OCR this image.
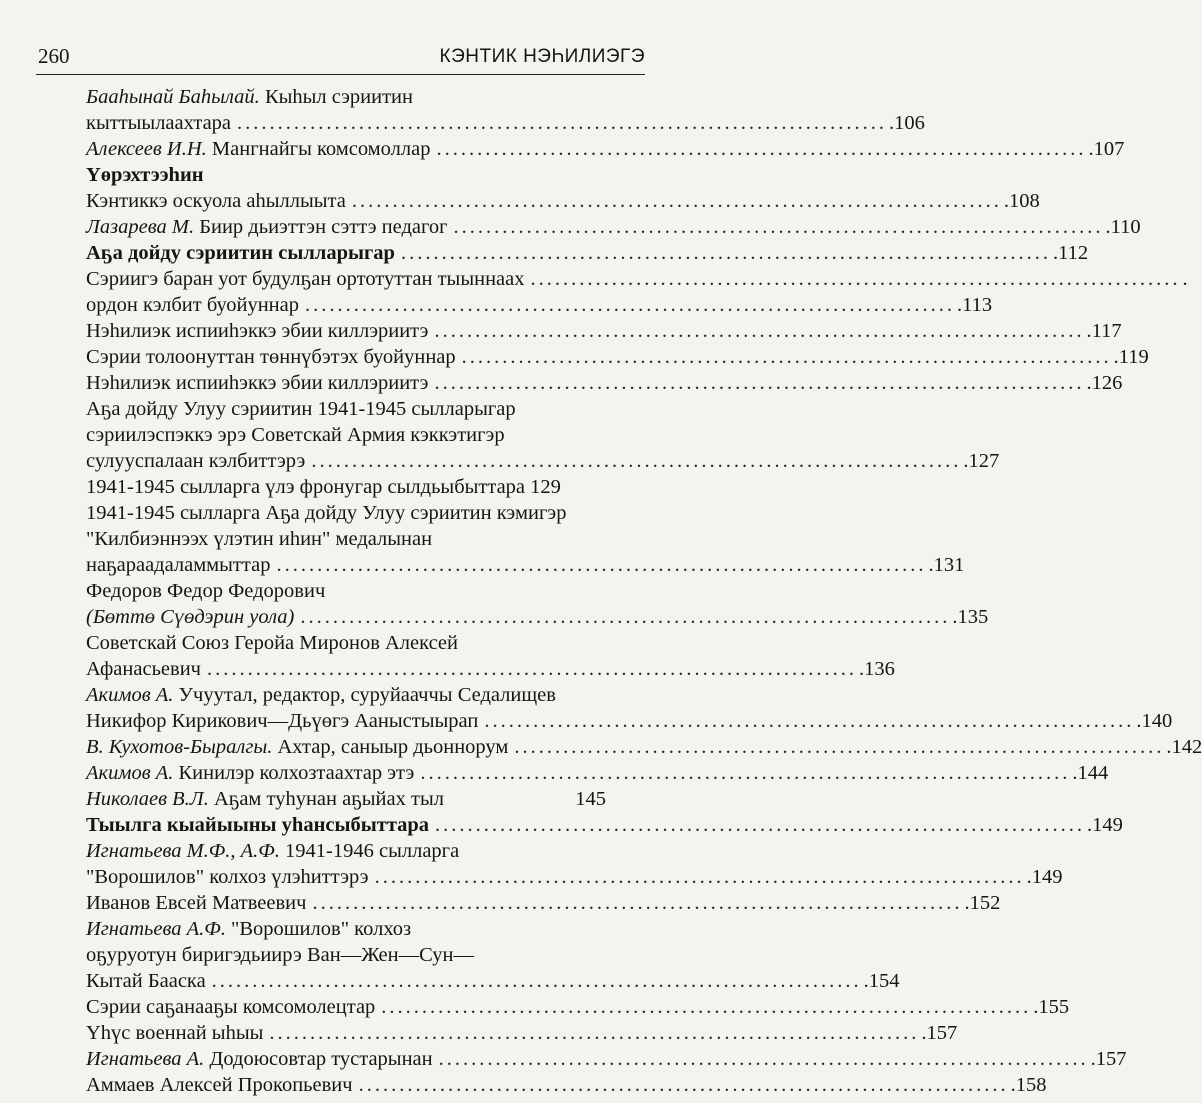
260	КЭНТИК НЭҺИЛИЭГЭ
Бааһынай Баһылай. Кыһыл сэриитин
кыттыылаахтара ................................................................................ .106
Алексеев И.Н. Мангнайгы комсомоллар ................................................................................ .107
Үөрэхтээһин
Кэнтиккэ оскуола аһыллыыта ................................................................................ .108
Лазарева М. Биир дьиэттэн сэттэ педагог ................................................................................ .110
Аҕа дойду сэриитин сылларыгар ................................................................................ .112
Сэриигэ баран уот будулҕан ортотуттан тыыннаах ................................................................................ .
ордон кэлбит буойуннар ................................................................................ .113
Нэһилиэк испииһэккэ эбии киллэриитэ ................................................................................ .117
Сэрии толоонуттан төннүбэтэх буойуннар ................................................................................ .119
Нэһилиэк испииһэккэ эбии киллэриитэ ................................................................................ .126
Аҕа дойду Улуу сэриитин 1941-1945 сылларыгар
сэриилэспэккэ эрэ Советскай Армия кэккэтигэр
сулууспалаан кэлбиттэрэ ................................................................................ .127
1941-1945 сылларга үлэ фронугар сылдьыбыттара 129
1941-1945 сылларга Аҕа дойду Улуу сэриитин кэмигэр
"Килбиэннээх үлэтин иһин" медалынан
наҕараадаламмыттар ................................................................................ .131
Федоров Федор Федорович
(Бөттө Сүөдэрин уола) ................................................................................ .135
Советскай Союз Геройа Миронов Алексей
Афанасьевич ................................................................................ .136
Акимов А. Учуутал, редактор, суруйааччы Седалищев
Никифор Кирикович—Дьүөгэ Ааныстыырап ................................................................................ .140
В. Кухотов-Быралгы. Ахтар, саныыр дьоннорум ................................................................................ .142
Акимов А. Кинилэр колхозтаахтар этэ ................................................................................ .144
Николаев В.Л. Аҕам туһунан аҕыйах тыл	145
Тыылга кыайыыны уһансыбыттара ................................................................................ .149
Игнатьева М.Ф., А.Ф. 1941-1946 сылларга
"Ворошилов" колхоз үлэһиттэрэ ................................................................................ .149
Иванов Евсей Матвеевич ................................................................................ .152
Игнатьева А.Ф. "Ворошилов" колхоз
оҕуруотун биригэдьиирэ Ван—Жен—Сун—
Кытай Бааска ................................................................................ .154
Сэрии саҕанааҕы комсомолецтар ................................................................................ .155
Үһүс военнай ыһыы ................................................................................ .157
Игнатьева А. Додоюсовтар тустарынан ................................................................................ .157
Аммаев Алексей Прокопьевич ................................................................................ .158
